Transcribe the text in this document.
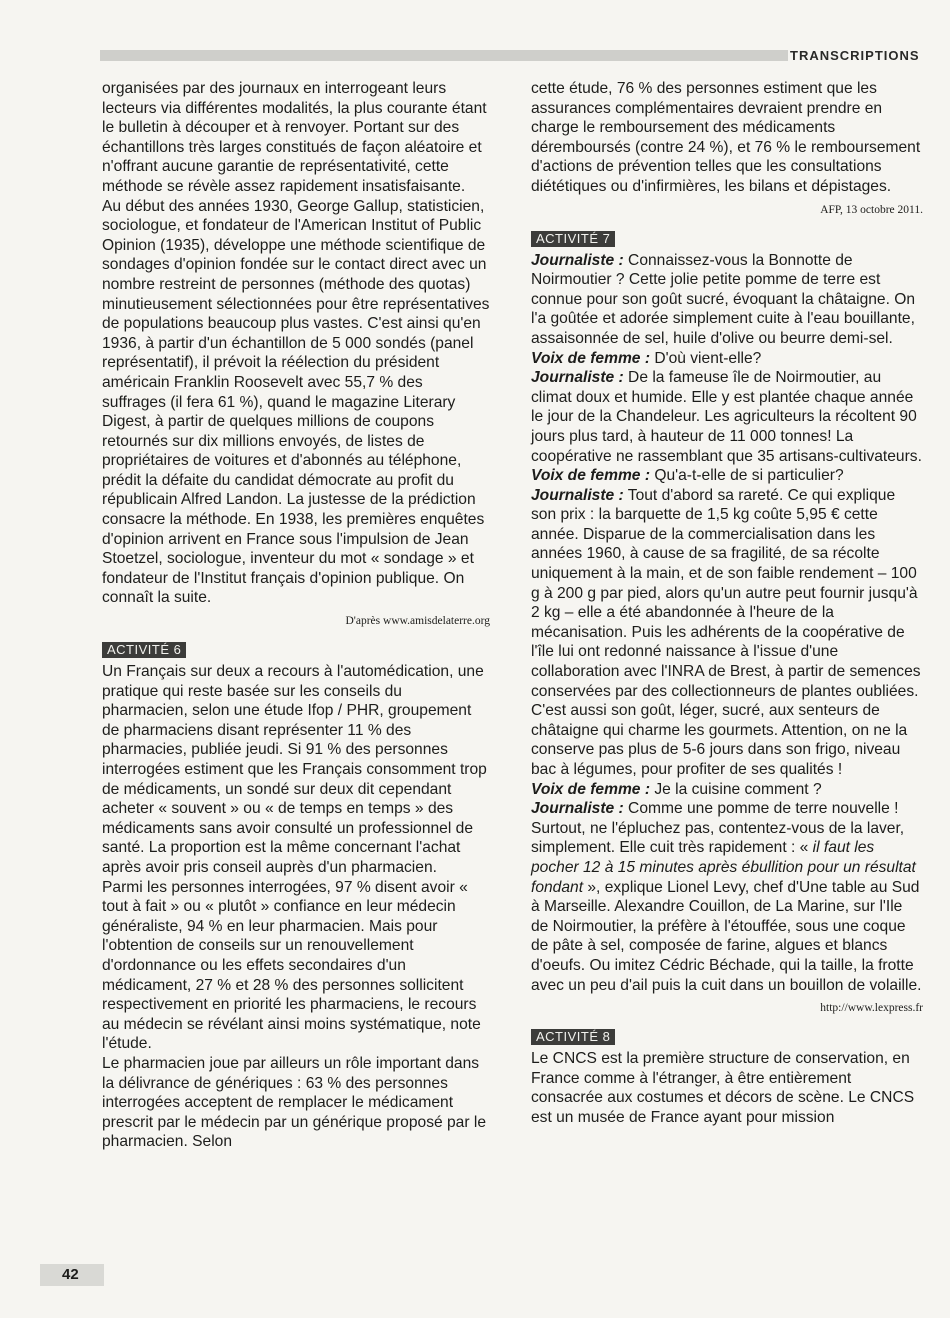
TRANSCRIPTIONS

organisées par des journaux en interrogeant leurs lecteurs via différentes modalités, la plus courante étant le bulletin à découper et à renvoyer. Portant sur des échantillons très larges constitués de façon aléatoire et n'offrant aucune garantie de représentativité, cette méthode se révèle assez rapidement insatisfaisante.

Au début des années 1930, George Gallup, statisticien, sociologue, et fondateur de l'American Institut of Public Opinion (1935), développe une méthode scientifique de sondages d'opinion fondée sur le contact direct avec un nombre restreint de personnes (méthode des quotas) minutieusement sélectionnées pour être représentatives de populations beaucoup plus vastes. C'est ainsi qu'en 1936, à partir d'un échantillon de 5 000 sondés (panel représentatif), il prévoit la réélection du président américain Franklin Roosevelt avec 55,7 % des suffrages (il fera 61 %), quand le magazine Literary Digest, à partir de quelques millions de coupons retournés sur dix millions envoyés, de listes de propriétaires de voitures et d'abonnés au téléphone, prédit la défaite du candidat démocrate au profit du républicain Alfred Landon. La justesse de la prédiction consacre la méthode. En 1938, les premières enquêtes d'opinion arrivent en France sous l'impulsion de Jean Stoetzel, sociologue, inventeur du mot « sondage » et fondateur de l'Institut français d'opinion publique. On connaît la suite.

D'après www.amisdelaterre.org
ACTIVITÉ 6

Un Français sur deux a recours à l'automédication, une pratique qui reste basée sur les conseils du pharmacien, selon une étude Ifop / PHR, groupement de pharmaciens disant représenter 11 % des pharmacies, publiée jeudi. Si 91 % des personnes interrogées estiment que les Français consomment trop de médicaments, un sondé sur deux dit cependant acheter « souvent » ou « de temps en temps » des médicaments sans avoir consulté un professionnel de santé. La proportion est la même concernant l'achat après avoir pris conseil auprès d'un pharmacien.

Parmi les personnes interrogées, 97 % disent avoir « tout à fait » ou « plutôt » confiance en leur médecin généraliste, 94 % en leur pharmacien. Mais pour l'obtention de conseils sur un renouvellement d'ordonnance ou les effets secondaires d'un médicament, 27 % et 28 % des personnes sollicitent respectivement en priorité les pharmaciens, le recours au médecin se révélant ainsi moins systématique, note l'étude.

Le pharmacien joue par ailleurs un rôle important dans la délivrance de génériques : 63 % des personnes interrogées acceptent de remplacer le médicament prescrit par le médecin par un générique proposé par le pharmacien. Selon

cette étude, 76 % des personnes estiment que les assurances complémentaires devraient prendre en charge le remboursement des médicaments déremboursés (contre 24 %), et 76 % le remboursement d'actions de prévention telles que les consultations diététiques ou d'infirmières, les bilans et dépistages.

AFP, 13 octobre 2011.
ACTIVITÉ 7

Journaliste : Connaissez-vous la Bonnotte de Noirmoutier ? Cette jolie petite pomme de terre est connue pour son goût sucré, évoquant la châtaigne. On l'a goûtée et adorée simplement cuite à l'eau bouillante, assaisonnée de sel, huile d'olive ou beurre demi-sel.

Voix de femme : D'où vient-elle?

Journaliste : De la fameuse île de Noirmoutier, au climat doux et humide. Elle y est plantée chaque année le jour de la Chandeleur. Les agriculteurs la récoltent 90 jours plus tard, à hauteur de 11 000 tonnes! La coopérative ne rassemblant que 35 artisans-cultivateurs.

Voix de femme : Qu'a-t-elle de si particulier?

Journaliste : Tout d'abord sa rareté. Ce qui explique son prix : la barquette de 1,5 kg coûte 5,95 € cette année. Disparue de la commercialisation dans les années 1960, à cause de sa fragilité, de sa récolte uniquement à la main, et de son faible rendement – 100 g à 200 g par pied, alors qu'un autre peut fournir jusqu'à 2 kg – elle a été abandonnée à l'heure de la mécanisation. Puis les adhérents de la coopérative de l'île lui ont redonné naissance à l'issue d'une collaboration avec l'INRA de Brest, à partir de semences conservées par des collectionneurs de plantes oubliées. C'est aussi son goût, léger, sucré, aux senteurs de châtaigne qui charme les gourmets. Attention, on ne la conserve pas plus de 5-6 jours dans son frigo, niveau bac à légumes, pour profiter de ses qualités !

Voix de femme : Je la cuisine comment ?

Journaliste : Comme une pomme de terre nouvelle ! Surtout, ne l'épluchez pas, contentez-vous de la laver, simplement. Elle cuit très rapidement : « il faut les pocher 12 à 15 minutes après ébullition pour un résultat fondant », explique Lionel Levy, chef d'Une table au Sud à Marseille. Alexandre Couillon, de La Marine, sur l'Ile de Noirmoutier, la préfère à l'étouffée, sous une coque de pâte à sel, composée de farine, algues et blancs d'oeufs. Ou imitez Cédric Béchade, qui la taille, la frotte avec un peu d'ail puis la cuit dans un bouillon de volaille.

http://www.lexpress.fr
ACTIVITÉ 8

Le CNCS est la première structure de conservation, en France comme à l'étranger, à être entièrement consacrée aux costumes et décors de scène. Le CNCS est un musée de France ayant pour mission

42
